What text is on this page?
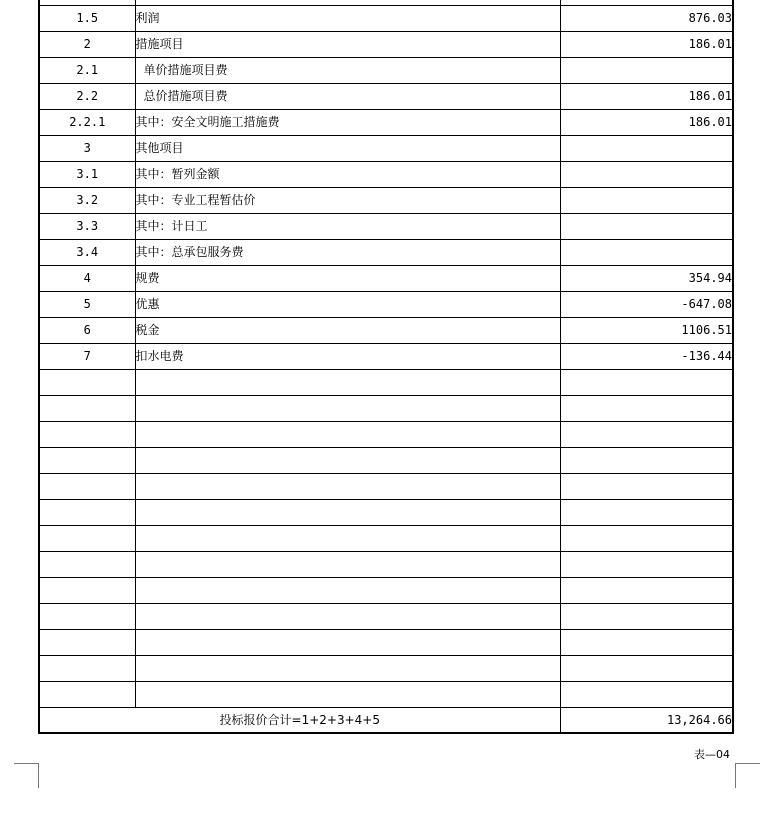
1.5	利润	876.03
2	措施项目	186.01
2.1	单价措施项目费	
2.2	总价措施项目费	186.01
2.2.1	其中：安全文明施工措施费	186.01
3	其他项目	
3.1	其中：暂列金额	
3.2	其中：专业工程暂估价	
3.3	其中：计日工	
3.4	其中：总承包服务费	
4	规费	354.94
5	优惠	-647.08
6	税金	1106.51
7	扣水电费	-136.44

投标报价合计=1+2+3+4+5		13,264.66
表—04
